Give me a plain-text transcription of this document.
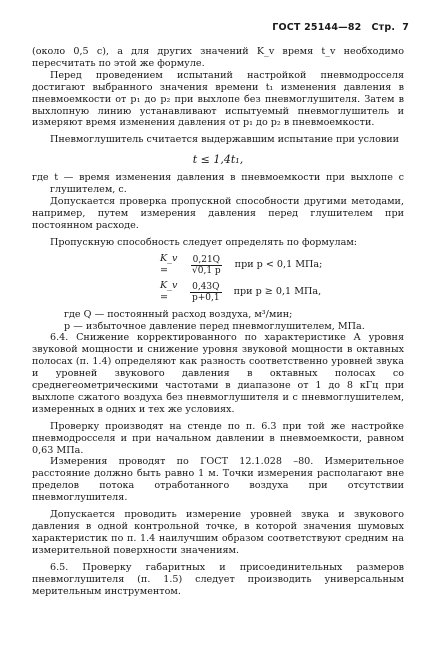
ГОСТ 25144—82 Стр. 7

(около 0,5 с), а для других значений K_v время t_v необходимо пересчитать по этой же формуле.

Перед проведением испытаний настройкой пневмодросселя достигают выбранного значения времени t₁ изменения давления в пневмоемкости от p₁ до p₂ при выхлопе без пневмоглушителя. Затем в выхлопную линию устанавливают испытуемый пневмоглушитель и измеряют время изменения давления от p₁ до p₂ в пневмоемкости.

Пневмоглушитель считается выдержавшим испытание при условии

t ≤ 1,4t₁,

где t — время изменения давления в пневмоемкости при выхлопе с глушителем, с.

Допускается проверка пропускной способности другими методами, например, путем измерения давления перед глушителем при постоянном расходе.

Пропускную способность следует определять по формулам:

K_v =	$\frac{0,21Q}{√0,1 p}$ при p < 0,1 МПа;
K_v =	$\frac{0,43Q}{p+0,1}$ при p ≥ 0,1 МПа,

где Q — постоянный расход воздуха, м³/мин;

p — избыточное давление перед пневмоглушителем, МПа.

6.4. Снижение корректированного по характеристике А уровня звуковой мощности и снижение уровня звуковой мощности в октавных полосах (п. 1.4) определяют как разность соответственно уровней звука и уровней звукового давления в октавных полосах со среднегеометрическими частотами в диапазоне от 1 до 8 кГц при выхлопе сжатого воздуха без пневмоглушителя и с пневмоглушителем, измеренных в одних и тех же условиях.

Проверку производят на стенде по п. 6.3 при той же настройке пневмодросселя и при начальном давлении в пневмоемкости, равном 0,63 МПа.

Измерения проводят по ГОСТ 12.1.028 –80. Измерительное расстояние должно быть равно 1 м. Точки измерения располагают вне пределов потока отработанного воздуха при отсутствии пневмоглушителя.

Допускается проводить измерение уровней звука и звукового давления в одной контрольной точке, в которой значения шумовых характеристик по п. 1.4 наилучшим образом соответствуют средним на измерительной поверхности значениям.

6.5. Проверку габаритных и присоединительных размеров пневмоглушителя (п. 1.5) следует производить универсальным мерительным инструментом.
